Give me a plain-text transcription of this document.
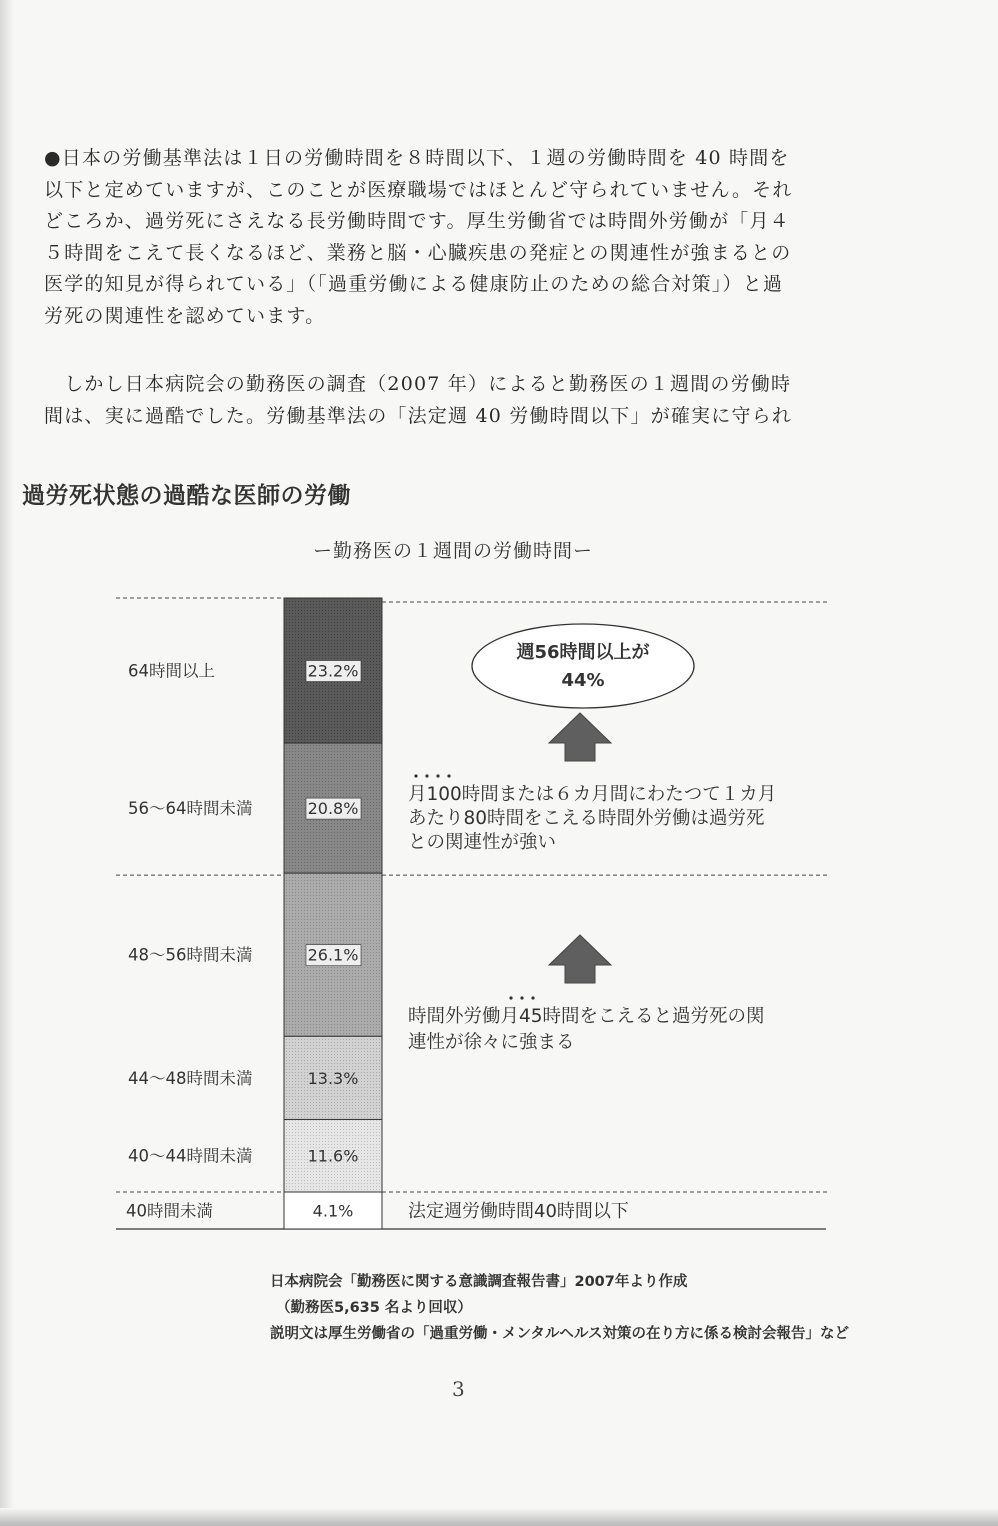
●日本の労働基準法は１日の労働時間を８時間以下、１週の労働時間を 40 時間を
以下と定めていますが、このことが医療職場ではほとんど守られていません。それ
どころか、過労死にさえなる長労働時間です。厚生労働省では時間外労働が「月４
５時間をこえて長くなるほど、業務と脳・心臓疾患の発症との関連性が強まるとの
医学的知見が得られている」（「過重労働による健康防止のための総合対策」）と過
労死の関連性を認めています。
　しかし日本病院会の勤務医の調査（2007 年）によると勤務医の１週間の労働時
間は、実に過酷でした。労働基準法の「法定週 40 労働時間以下」が確実に守られ
過労死状態の過酷な医師の労働
ー勤務医の１週間の労働時間ー
64時間以上	23.2%
56〜64時間未満	20.8%
48〜56時間未満	26.1%
44〜48時間未満	13.3%
40〜44時間未満	11.6%
40時間未満	4.1%
週56時間以上が
44%
月100時間または６カ月間にわたつて１カ月
あたり80時間をこえる時間外労働は過労死
との関連性が強い
時間外労働月45時間をこえると過労死の関
連性が徐々に強まる
法定週労働時間40時間以下
日本病院会「勤務医に関する意識調査報告書」2007年より作成
（勤務医5,635 名より回収）
説明文は厚生労働省の「過重労働・メンタルヘルス対策の在り方に係る検討会報告」など
3
